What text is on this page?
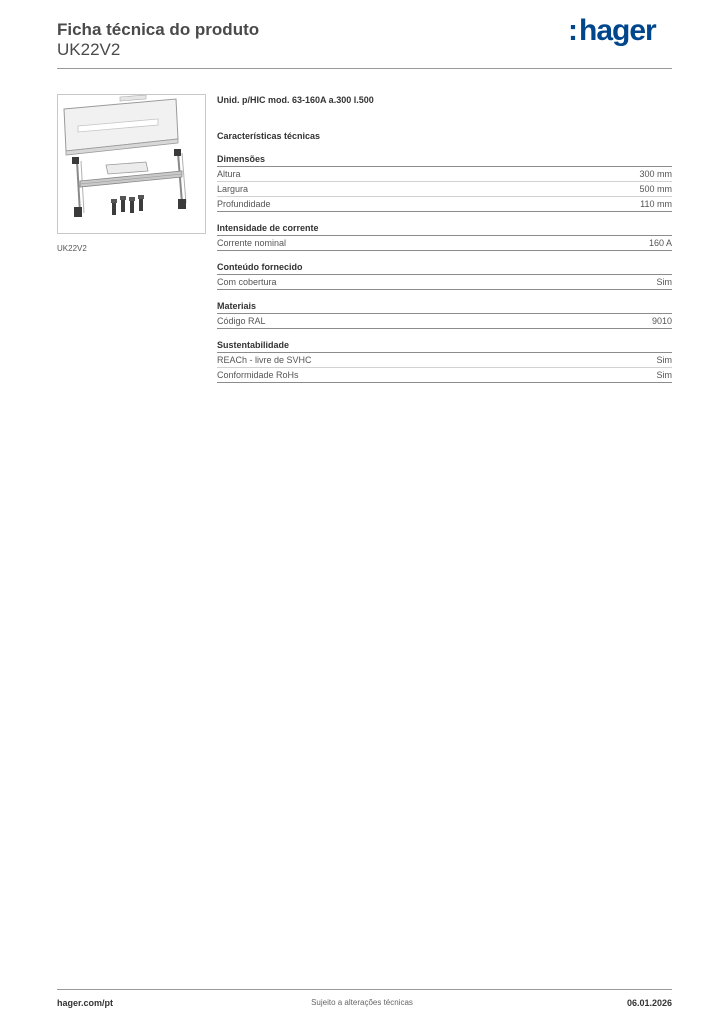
Ficha técnica do produto
UK22V2
:hager
UK22V2
Unid. p/HIC mod. 63-160A a.300 l.500
Características técnicas
Dimensões
Altura	300 mm
Largura	500 mm
Profundidade	110 mm
Intensidade de corrente
Corrente nominal	160 A
Conteúdo fornecido
Com cobertura	Sim
Materiais
Código RAL	9010
Sustentabilidade
REACh - livre de SVHC	Sim
Conformidade RoHs	Sim
hager.com/pt	Sujeito a alterações técnicas	06.01.2026
